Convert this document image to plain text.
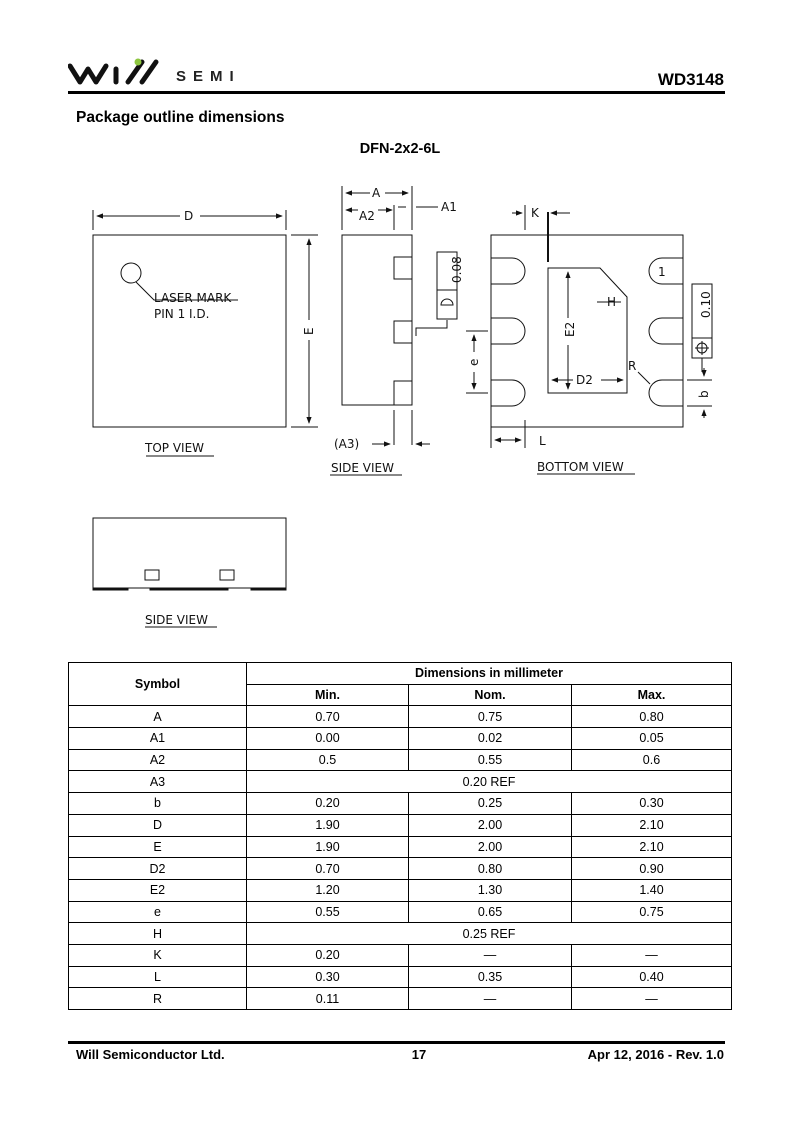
SEMI	WD3148
Package outline dimensions
DFN-2x2-6L
TOP VIEW
SIDE VIEW	BOTTOM VIEW
SIDE VIEW
LASER MARK
PIN 1 I.D.
D
E
A
A1
A2
(A3)
0.08
K
L
H
E2
D2
e	R
b
1
0.10
Symbol	Dimensions in millimeter		
	Min.	Nom.	Max.
A	0.70	0.75	0.80
A1	0.00	0.02	0.05
A2	0.5	0.55	0.6
A3	0.20 REF		
b	0.20	0.25	0.30
D	1.90	2.00	2.10
E	1.90	2.00	2.10
D2	0.70	0.80	0.90
E2	1.20	1.30	1.40
e	0.55	0.65	0.75
H	0.25 REF		
K	0.20	—	—
L	0.30	0.35	0.40
R	0.11	—	—
Will Semiconductor Ltd.	17	Apr 12, 2016 - Rev. 1.0
